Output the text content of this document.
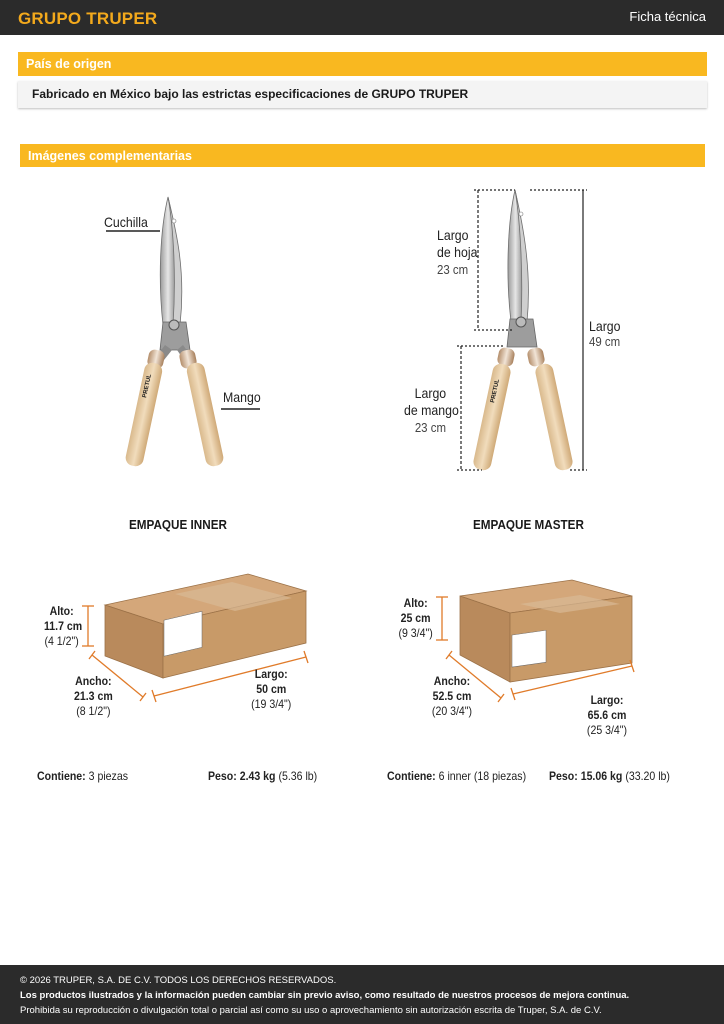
GRUPO TRUPER	Ficha técnica
País de origen
Fabricado en México bajo las estrictas especificaciones de GRUPO TRUPER
Imágenes complementarias
PRETUL	PRETUL
Cuchilla
Mango
Largo
de hoja
23 cm
Largo
49 cm
Largo
de mango
23 cm
EMPAQUE INNER	EMPAQUE MASTER
Alto:
11.7 cm
(4 1/2")
Ancho:
21.3 cm
(8 1/2")
Largo:
50 cm
(19 3/4")
Alto:
25 cm
(9 3/4")
Ancho:
52.5 cm
(20 3/4")
Largo:
65.6 cm
(25 3/4")
Contiene: 3 piezas	Peso: 2.43 kg (5.36 lb)	Contiene: 6 inner (18 piezas) Peso: 15.06 kg (33.20 lb)
© 2026 TRUPER, S.A. DE C.V. TODOS LOS DERECHOS RESERVADOS.
Los productos ilustrados y la información pueden cambiar sin previo aviso, como resultado de nuestros procesos de mejora continua.
Prohibida su reproducción o divulgación total o parcial así como su uso o aprovechamiento sin autorización escrita de Truper, S.A. de C.V.
